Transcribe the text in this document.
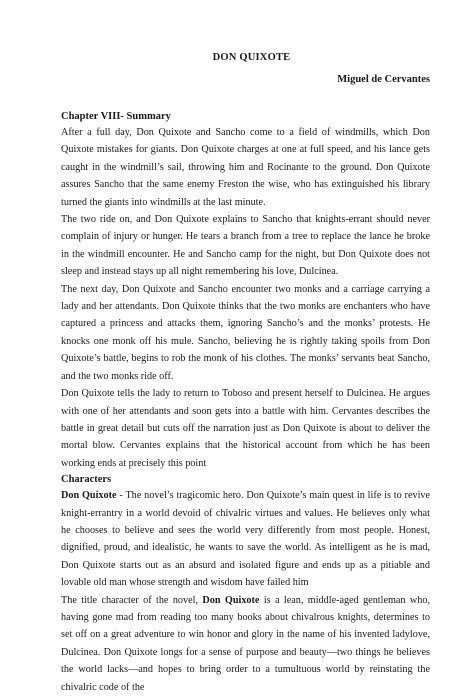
DON QUIXOTE
Miguel de Cervantes
Chapter VIII- Summary

After a full day, Don Quixote and Sancho come to a field of windmills, which Don Quixote mistakes for giants. Don Quixote charges at one at full speed, and his lance gets caught in the windmill’s sail, throwing him and Rocinante to the ground. Don Quixote assures Sancho that the same enemy Freston the wise, who has extinguished his library turned the giants into windmills at the last minute.

The two ride on, and Don Quixote explains to Sancho that knights-errant should never complain of injury or hunger. He tears a branch from a tree to replace the lance he broke in the windmill encounter. He and Sancho camp for the night, but Don Quixote does not sleep and instead stays up all night remembering his love, Dulcinea.

The next day, Don Quixote and Sancho encounter two monks and a carriage carrying a lady and her attendants. Don Quixote thinks that the two monks are enchanters who have captured a princess and attacks them, ignoring Sancho’s and the monks’ protests. He knocks one monk off his mule. Sancho, believing he is rightly taking spoils from Don Quixote’s battle, begins to rob the monk of his clothes. The monks’ servants beat Sancho, and the two monks ride off.

Don Quixote tells the lady to return to Toboso and present herself to Dulcinea. He argues with one of her attendants and soon gets into a battle with him. Cervantes describes the battle in great detail but cuts off the narration just as Don Quixote is about to deliver the mortal blow. Cervantes explains that the historical account from which he has been working ends at precisely this point

Characters

Don Quixote - The novel’s tragicomic hero. Don Quixote’s main quest in life is to revive knight-errantry in a world devoid of chivalric virtues and values. He believes only what he chooses to believe and sees the world very differently from most people. Honest, dignified, proud, and idealistic, he wants to save the world. As intelligent as he is mad, Don Quixote starts out as an absurd and isolated figure and ends up as a pitiable and lovable old man whose strength and wisdom have failed him

The title character of the novel, Don Quixote is a lean, middle-aged gentleman who, having gone mad from reading too many books about chivalrous knights, determines to set off on a great adventure to win honor and glory in the name of his invented ladylove, Dulcinea. Don Quixote longs for a sense of purpose and beauty—two things he believes the world lacks—and hopes to bring order to a tumultuous world by reinstating the chivalric code of the
